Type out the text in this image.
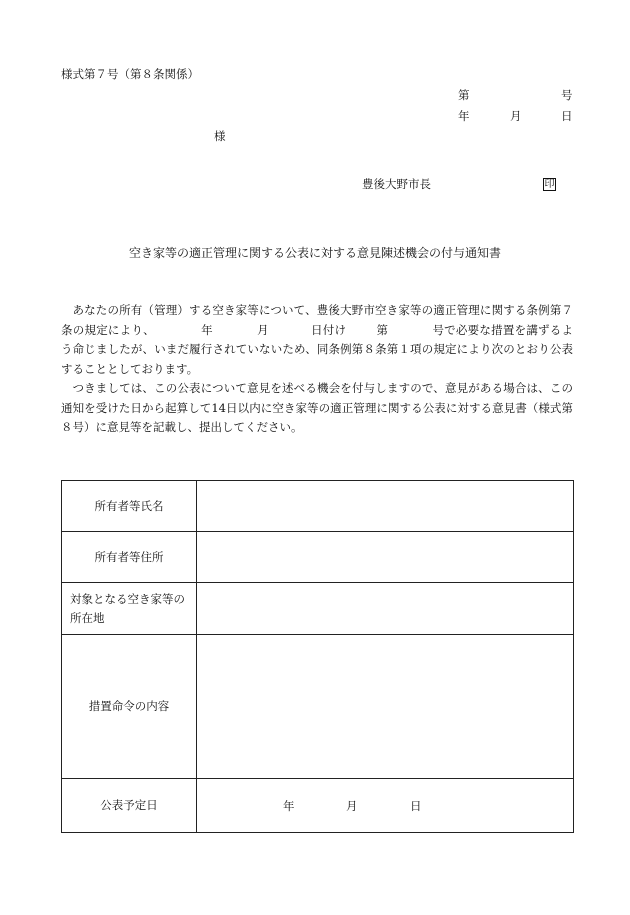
様式第７号（第８条関係）
第	号
年	月	日
様
豊後大野市長	印
空き家等の適正管理に関する公表に対する意見陳述機会の付与通知書

あなたの所有（管理）する空き家等について、豊後大野市空き家等の適正管理に関する条例第７条の規定により、	年	月	日付け	第	号で必要な措置を講ずるよう命じましたが、いまだ履行されていないため、同条例第８条第１項の規定により次のとおり公表することとしております。

つきましては、この公表について意見を述べる機会を付与しますので、意見がある場合は、この通知を受けた日から起算して14日以内に空き家等の適正管理に関する公表に対する意見書（様式第８号）に意見等を記載し、提出してください。

所有者等氏名	
所有者等住所	
対象となる空き家等の所在地	
措置命令の内容	
公表予定日	年 月 日
